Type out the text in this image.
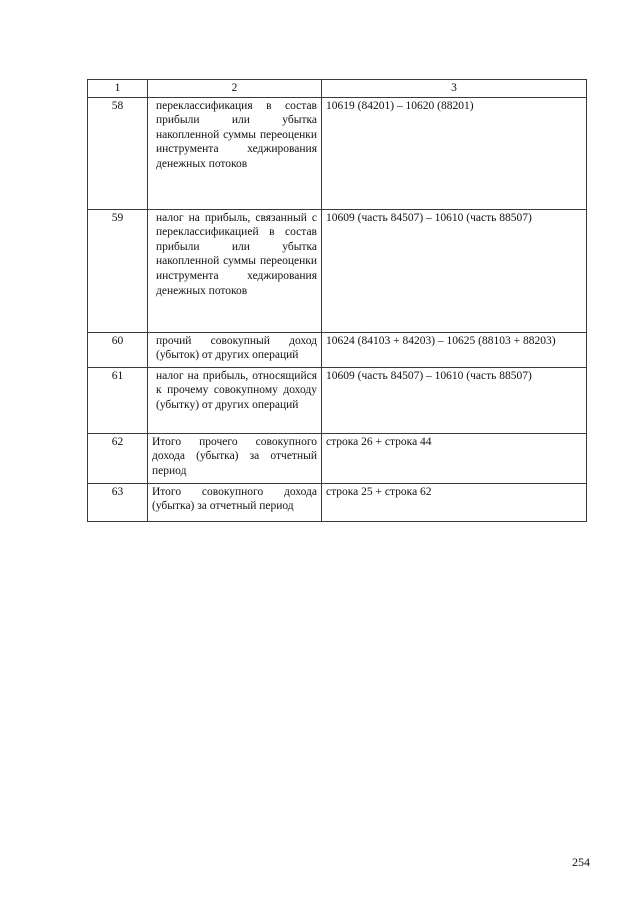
1	2	3
58	перекласcификация в состав прибыли или убытка накопленной суммы переоценки инструмента хеджирования денежных потоков	10619 (84201) – 10620 (88201)
59	налог на прибыль, связанный с переклассификацией в состав прибыли или убытка накопленной суммы переоценки инструмента хеджирования денежных потоков	10609 (часть 84507) – 10610 (часть 88507)
60	прочий совокупный доход (убыток) от других операций	10624 (84103 + 84203) – 10625 (88103 + 88203)
61	налог на прибыль, относящийся к прочему совокупному доходу (убытку) от других операций	10609 (часть 84507) – 10610 (часть 88507)
62	Итого прочего совокупного дохода (убытка) за отчетный период	строка 26 + строка 44
63	Итого совокупного дохода (убытка) за отчетный период	строка 25 + строка 62
254
